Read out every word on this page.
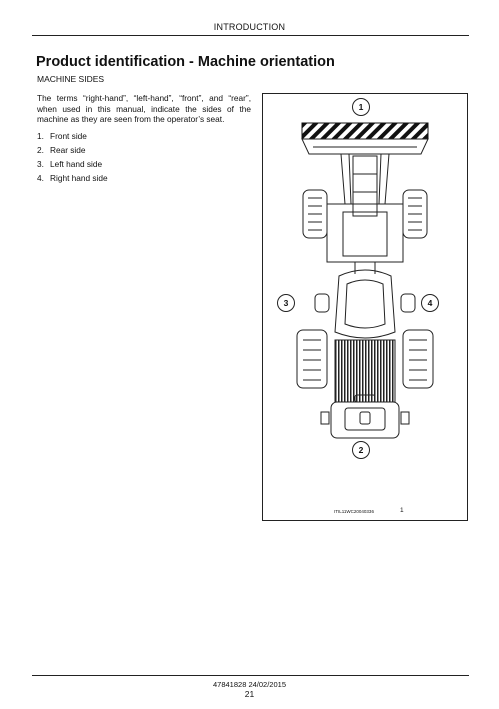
INTRODUCTION
Product identification - Machine orientation
MACHINE SIDES
The terms “right-hand”, “left-hand”, “front”, and “rear”, when used in this manual, indicate the sides of the machine as they are seen from the operator’s seat.
1. Front side
2. Rear side
3. Left hand side
4. Right hand side
1
2
3	4
ITIL11WC20040336	1
47841828 24/02/2015
21
